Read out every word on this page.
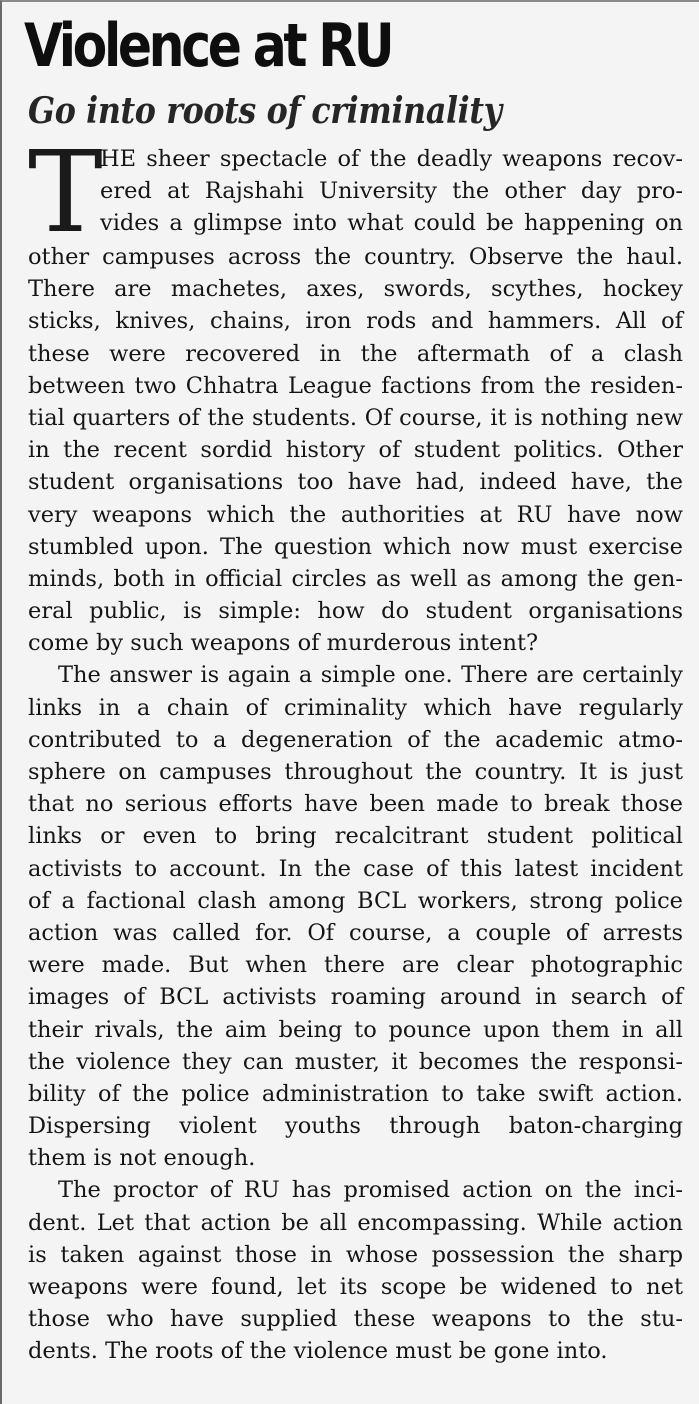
Violence at RU
Go into roots of criminality
T
HE sheer spectacle of the deadly weapons recov-
ered at Rajshahi University the other day pro-
vides a glimpse into what could be happening on
other campuses across the country. Observe the haul.
There are machetes, axes, swords, scythes, hockey
sticks, knives, chains, iron rods and hammers. All of
these were recovered in the aftermath of a clash
between two Chhatra League factions from the residen-
tial quarters of the students. Of course, it is nothing new
in the recent sordid history of student politics. Other
student organisations too have had, indeed have, the
very weapons which the authorities at RU have now
stumbled upon. The question which now must exercise
minds, both in official circles as well as among the gen-
eral public, is simple: how do student organisations
come by such weapons of murderous intent?
The answer is again a simple one. There are certainly
links in a chain of criminality which have regularly
contributed to a degeneration of the academic atmo-
sphere on campuses throughout the country. It is just
that no serious efforts have been made to break those
links or even to bring recalcitrant student political
activists to account. In the case of this latest incident
of a factional clash among BCL workers, strong police
action was called for. Of course, a couple of arrests
were made. But when there are clear photographic
images of BCL activists roaming around in search of
their rivals, the aim being to pounce upon them in all
the violence they can muster, it becomes the responsi-
bility of the police administration to take swift action.
Dispersing violent youths through baton-charging
them is not enough.
The proctor of RU has promised action on the inci-
dent. Let that action be all encompassing. While action
is taken against those in whose possession the sharp
weapons were found, let its scope be widened to net
those who have supplied these weapons to the stu-
dents. The roots of the violence must be gone into.
